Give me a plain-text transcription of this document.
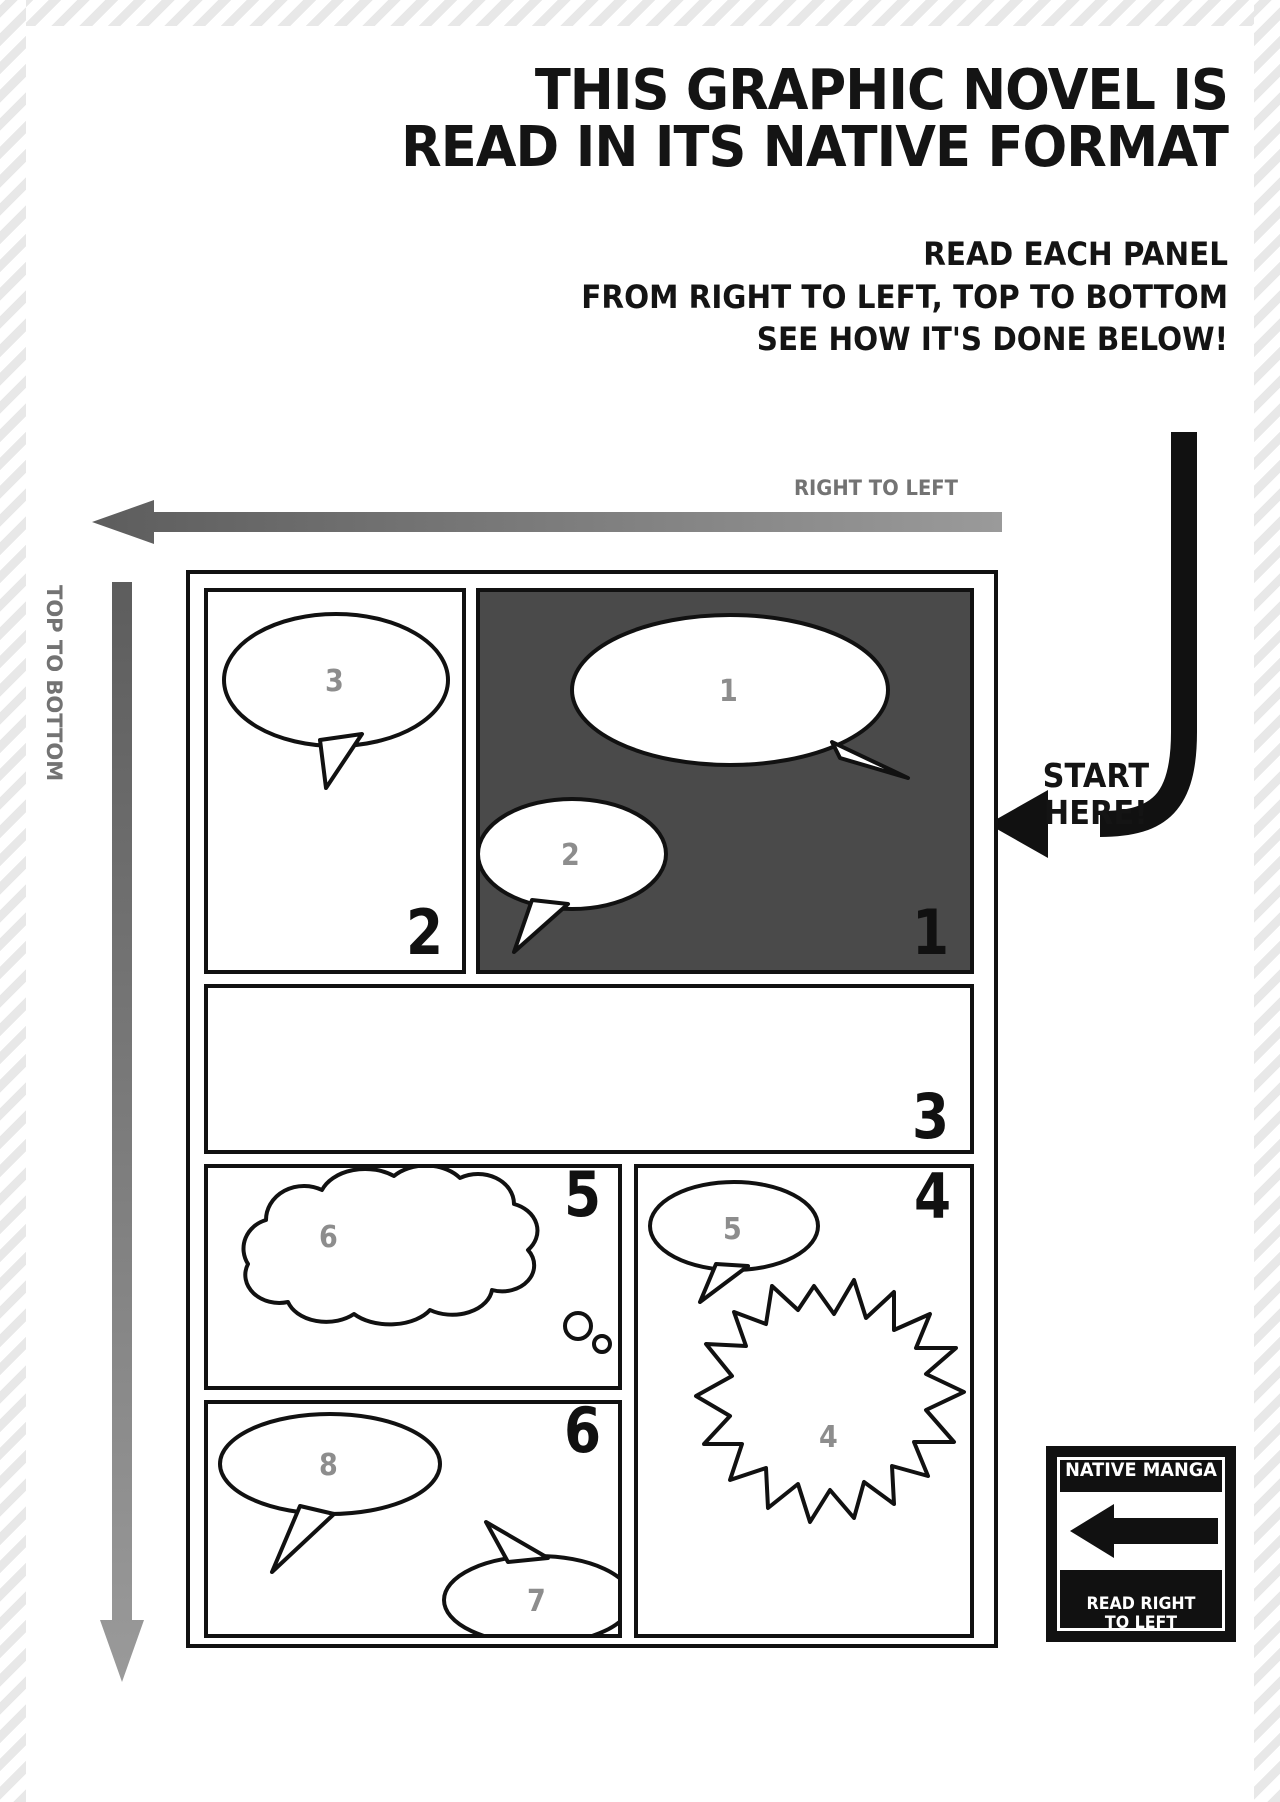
THIS GRAPHIC NOVEL IS
READ IN ITS NATIVE FORMAT
READ EACH PANEL
FROM RIGHT TO LEFT, TOP TO BOTTOM
SEE HOW IT'S DONE BELOW!
RIGHT TO LEFT
TOP TO BOTTOM	START
HERE!
1
2
1
3
2
3
5
4
4
6
5
8
7
6
NATIVE MANGA
READ RIGHT
TO LEFT
